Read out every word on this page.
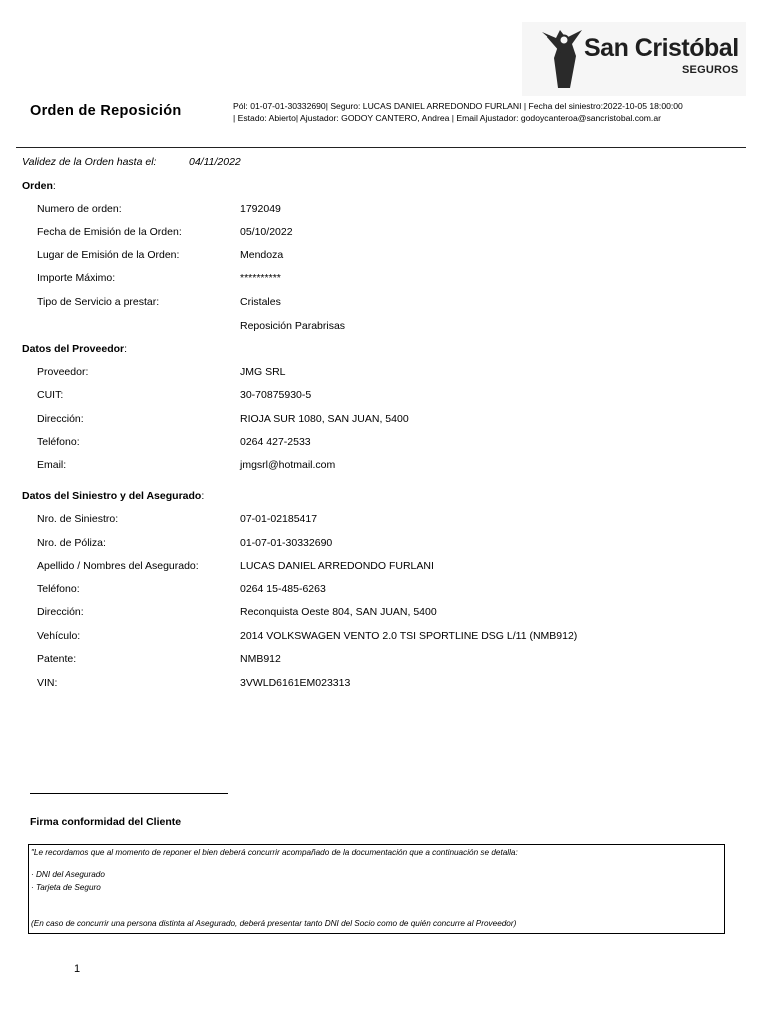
San Cristóbal
SEGUROS
Orden de Reposición	Pól: 01-07-01-30332690| Seguro: LUCAS DANIEL ARREDONDO FURLANI | Fecha del siniestro:2022-10-05 18:00:00 | Estado: Abierto| Ajustador: GODOY CANTERO, Andrea | Email Ajustador: godoycanteroa@sancristobal.com.ar
Validez de la Orden hasta el:	04/11/2022
Orden:
Numero de orden:	1792049
Fecha de Emisión de la Orden:	05/10/2022
Lugar de Emisión de la Orden:	Mendoza
Importe Máximo:	**********
Tipo de Servicio a prestar:	Cristales
Reposición Parabrisas
Datos del Proveedor:
Proveedor:	JMG SRL
CUIT:	30-70875930-5
Dirección:	RIOJA SUR 1080, SAN JUAN, 5400
Teléfono:	0264 427-2533
Email:	jmgsrl@hotmail.com
Datos del Siniestro y del Asegurado:
Nro. de Siniestro:	07-01-02185417
Nro. de Póliza:	01-07-01-30332690
Apellido / Nombres del Asegurado:	LUCAS DANIEL ARREDONDO FURLANI
Teléfono:	0264 15-485-6263
Dirección:	Reconquista Oeste 804, SAN JUAN, 5400
Vehículo:	2014 VOLKSWAGEN VENTO 2.0 TSI SPORTLINE DSG L/11 (NMB912)
Patente:	NMB912
VIN:	3VWLD6161EM023313
Firma conformidad del Cliente
"Le recordamos que al momento de reponer el bien deberá concurrir acompañado de la documentación que a continuación se detalla:
· DNI del Asegurado
· Tarjeta de Seguro
(En caso de concurrir una persona distinta al Asegurado, deberá presentar tanto DNI del Socio como de quién concurre al Proveedor)
1
